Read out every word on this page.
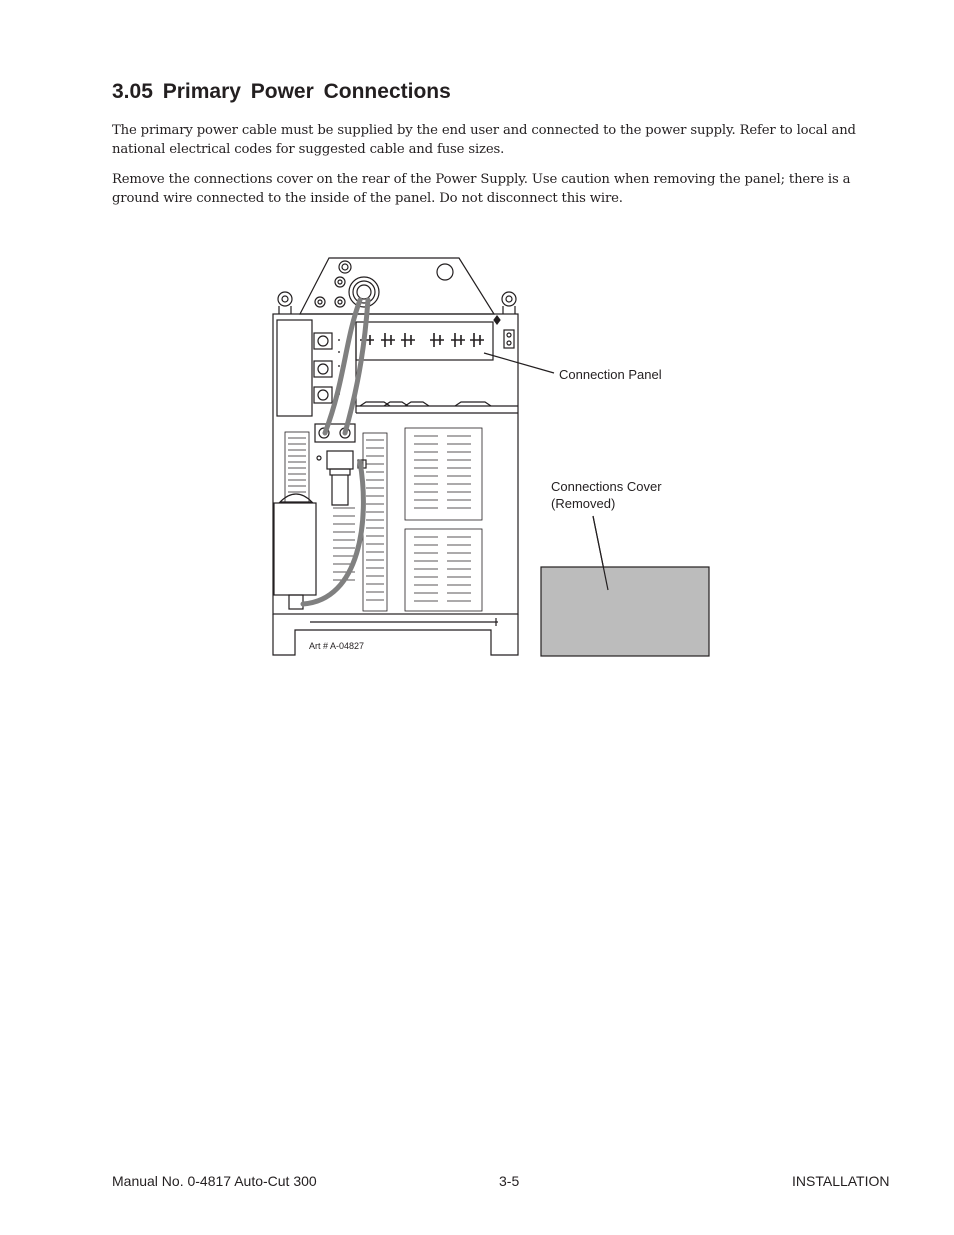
3.05 Primary Power Connections

The primary power cable must be supplied by the end user and connected to the power supply. Refer to local and national electrical codes for suggested cable and fuse sizes.

Remove the connections cover on the rear of the Power Supply. Use caution when removing the panel; there is a ground wire connected to the inside of the panel. Do not disconnect this wire.

Connection Panel
Connections Cover
(Removed)
Art # A-04827
Manual No. 0-4817 Auto-Cut 300	3-5	INSTALLATION
